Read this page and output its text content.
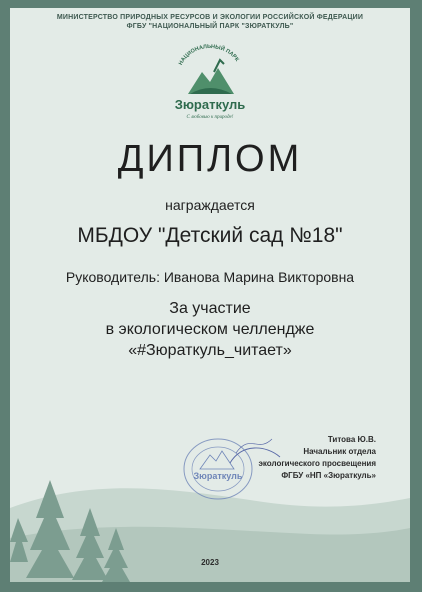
МИНИСТЕРСТВО ПРИРОДНЫХ РЕСУРСОВ И ЭКОЛОГИИ РОССИЙСКОЙ ФЕДЕРАЦИИ
ФГБУ "НАЦИОНАЛЬНЫЙ ПАРК "ЗЮРАТКУЛЬ"
НАЦИОНАЛЬНЫЙ ПАРК
Зюраткуль
С любовью к природе!
ДИПЛОМ
награждается
МБДОУ "Детский сад №18"
Руководитель: Иванова Марина Викторовна
За участие
в экологическом челлендже
«#Зюраткуль_читает»
Зюраткуль
Титова Ю.В.
Начальник отдела
экологического просвещения
ФГБУ «НП «Зюраткуль»
2023
